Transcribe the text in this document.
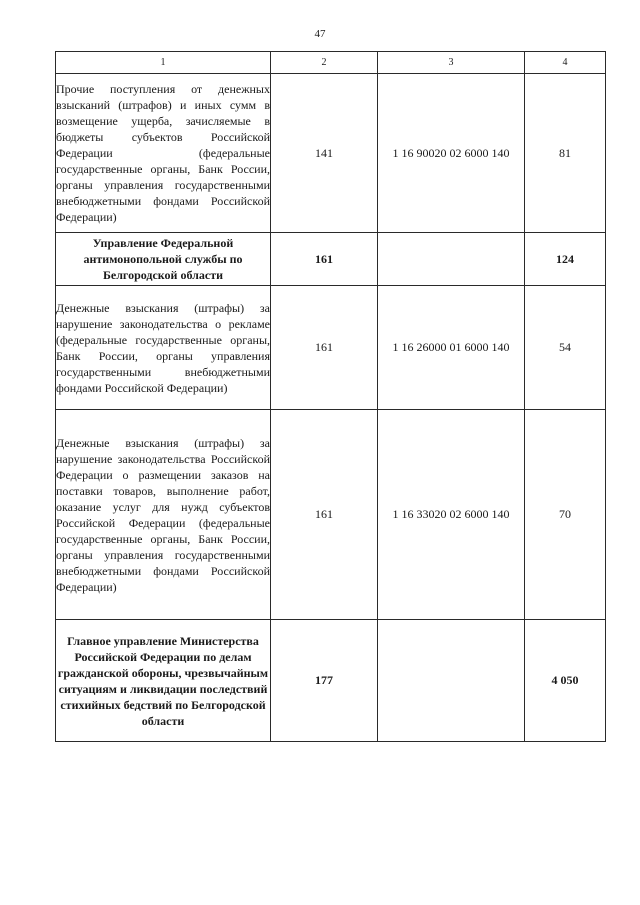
47
1	2	3	4
Прочие поступления от денежных взысканий (штрафов) и иных сумм в возмещение ущерба, зачисляемые в бюджеты субъектов Российской Федерации (федеральные государственные органы, Банк России, органы управления государственными внебюджетными фондами Российской Федерации)	141	1 16 90020 02 6000 140	81
Управление Федеральной антимонопольной службы по Белгородской области	161		124
Денежные взыскания (штрафы) за нарушение законодательства о рекламе (федеральные государственные органы, Банк России, органы управления государственными внебюджетными фондами Российской Федерации)	161	1 16 26000 01 6000 140	54
Денежные взыскания (штрафы) за нарушение законодательства Российской Федерации о размещении заказов на поставки товаров, выполнение работ, оказание услуг для нужд субъектов Российской Федерации (федеральные государственные органы, Банк России, органы управления государственными внебюджетными фондами Российской Федерации)	161	1 16 33020 02 6000 140	70
Главное управление Министерства Российской Федерации по делам гражданской обороны, чрезвычайным ситуациям и ликвидации последствий стихийных бедствий по Белгородской области	177		4 050
